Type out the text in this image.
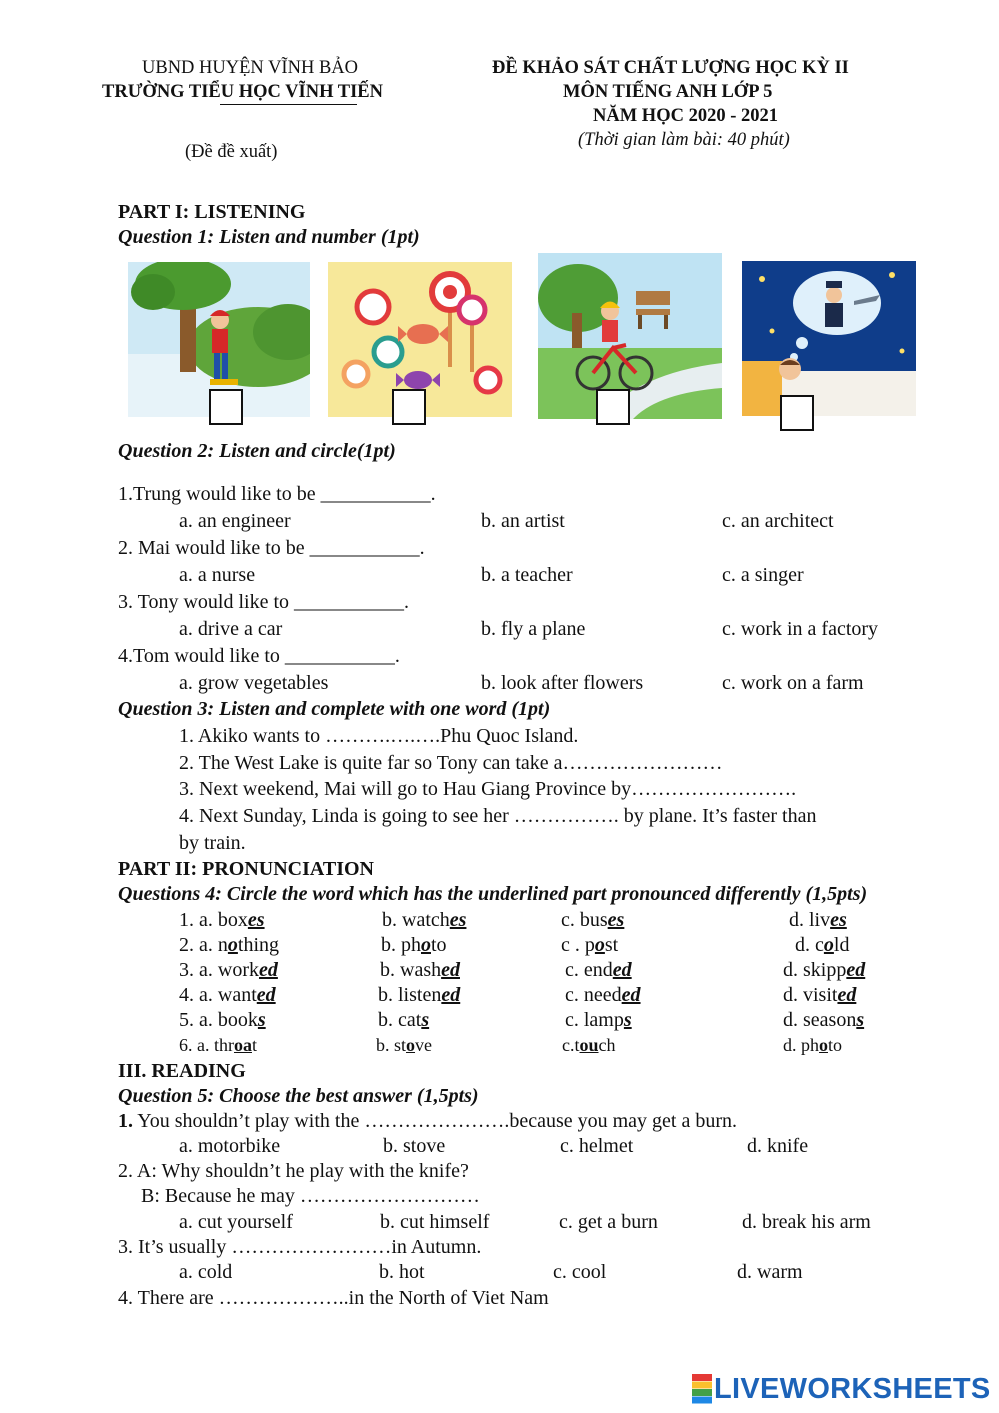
UBND HUYỆN VĨNH BẢO
TRƯỜNG TIỂU HỌC VĨNH TIẾN
(Đề đề xuất)
ĐỀ KHẢO SÁT CHẤT LƯỢNG HỌC KỲ II
MÔN TIẾNG ANH LỚP 5
NĂM HỌC 2020 - 2021
(Thời gian làm bài: 40 phút)
PART I: LISTENING
Question 1: Listen and number (1pt)
Question 2: Listen and circle(1pt)
1.Trung would like to be ___________.
a. an engineer	b. an artist	c. an architect
2. Mai would like to be ___________.
a. a nurse	b. a teacher	c. a singer
3. Tony would like to ___________.
a. drive a car	b. fly a plane	c. work in a factory
4.Tom would like to ___________.
a. grow vegetables	b. look after flowers	c. work on a farm
Question 3: Listen and complete with one word (1pt)
1. Akiko wants to ……….….….Phu Quoc Island.
2. The West Lake is quite far so Tony can take a……………………
3. Next weekend, Mai will go to Hau Giang Province by…………………….
4. Next Sunday, Linda is going to see her ……………. by plane. It’s faster than
by train.
PART II: PRONUNCIATION
Questions 4: Circle the word which has the underlined part pronounced differently (1,5pts)
1. a. boxes	b. watches	c. buses	d. lives
2. a. nothing	b. photo	c . post	d. cold
3. a. worked	b. washed	c. ended	d. skipped
4. a. wanted	b. listened	c. needed	d. visited
5. a. books	b. cats	c. lamps	d. seasons
6. a. throat	b. stove	c.touch	d. photo
III. READING
Question 5: Choose the best answer (1,5pts)
1. You shouldn’t play with the ………………….because you may get a burn.
a. motorbike	b. stove	c. helmet	d. knife
2. A: Why shouldn’t he play with the knife?
B: Because he may ………………………
a. cut yourself	b. cut himself	c. get a burn	d. break his arm
3. It’s usually ……………………in Autumn.
a. cold	b. hot	c. cool	d. warm
4. There are ………………..in the North of Viet Nam
LIVEWORKSHEETS
